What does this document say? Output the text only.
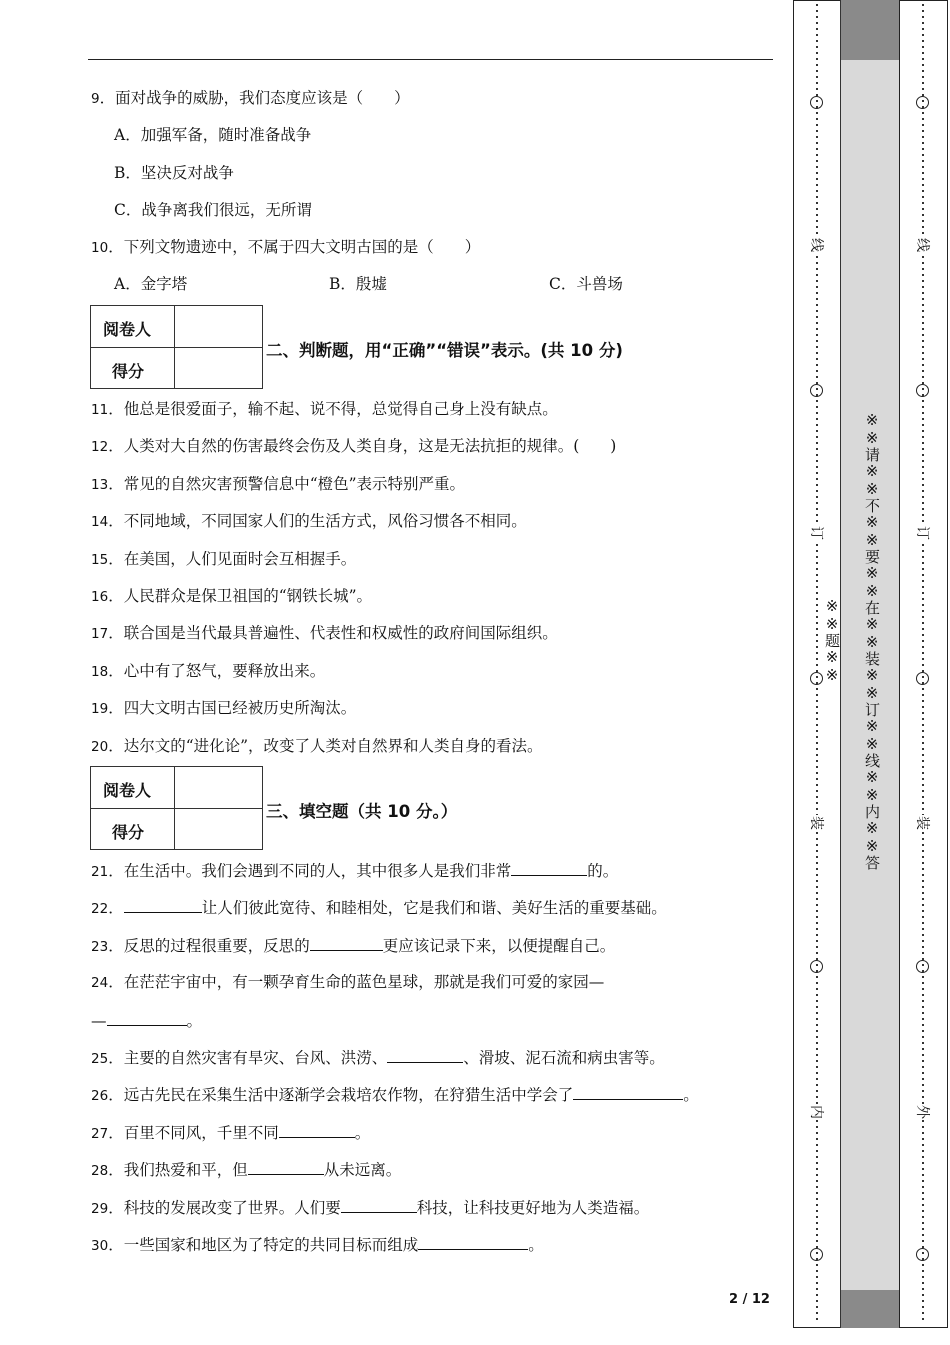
9．面对战争的威胁，我们态度应该是（　　）
A．加强军备，随时准备战争
B．坚决反对战争
C．战争离我们很远，无所谓
10．下列文物遗迹中，不属于四大文明古国的是（　　）
A．金字塔	B．殷墟	C．斗兽场
阅卷人
得分
二、判断题，用“正确”“错误”表示。(共 10 分)
11．他总是很爱面子，输不起、说不得，总觉得自己身上没有缺点。
12．人类对大自然的伤害最终会伤及人类自身，这是无法抗拒的规律。(　　)
13．常见的自然灾害预警信息中“橙色”表示特别严重。
14．不同地域，不同国家人们的生活方式，风俗习惯各不相同。
15．在美国，人们见面时会互相握手。
16．人民群众是保卫祖国的“钢铁长城”。
17．联合国是当代最具普遍性、代表性和权威性的政府间国际组织。
18．心中有了怒气，要释放出来。
19．四大文明古国已经被历史所淘汰。
20．达尔文的“进化论”，改变了人类对自然界和人类自身的看法。
阅卷人
得分
三、填空题（共 10 分。）
21．在生活中。我们会遇到不同的人，其中很多人是我们非常	的。
22．	让人们彼此宽待、和睦相处，它是我们和谐、美好生活的重要基础。
23．反思的过程很重要，反思的	更应该记录下来，以便提醒自己。
24．在茫茫宇宙中，有一颗孕育生命的蓝色星球，那就是我们可爱的家园—
—	。
25．主要的自然灾害有旱灾、台风、洪涝、	、滑坡、泥石流和病虫害等。
26．远古先民在采集生活中逐渐学会栽培农作物，在狩猎生活中学会了	。
27．百里不同风，千里不同	。
28．我们热爱和平，但	从未远离。
29．科技的发展改变了世界。人们要	科技，让科技更好地为人类造福。
30．一些国家和地区为了特定的共同目标而组成	。
2 / 12
※※请※※不※※要※※在※※装※※订※※线※※内※※答※※题※※
线
订
装
内
线
订
装
外
